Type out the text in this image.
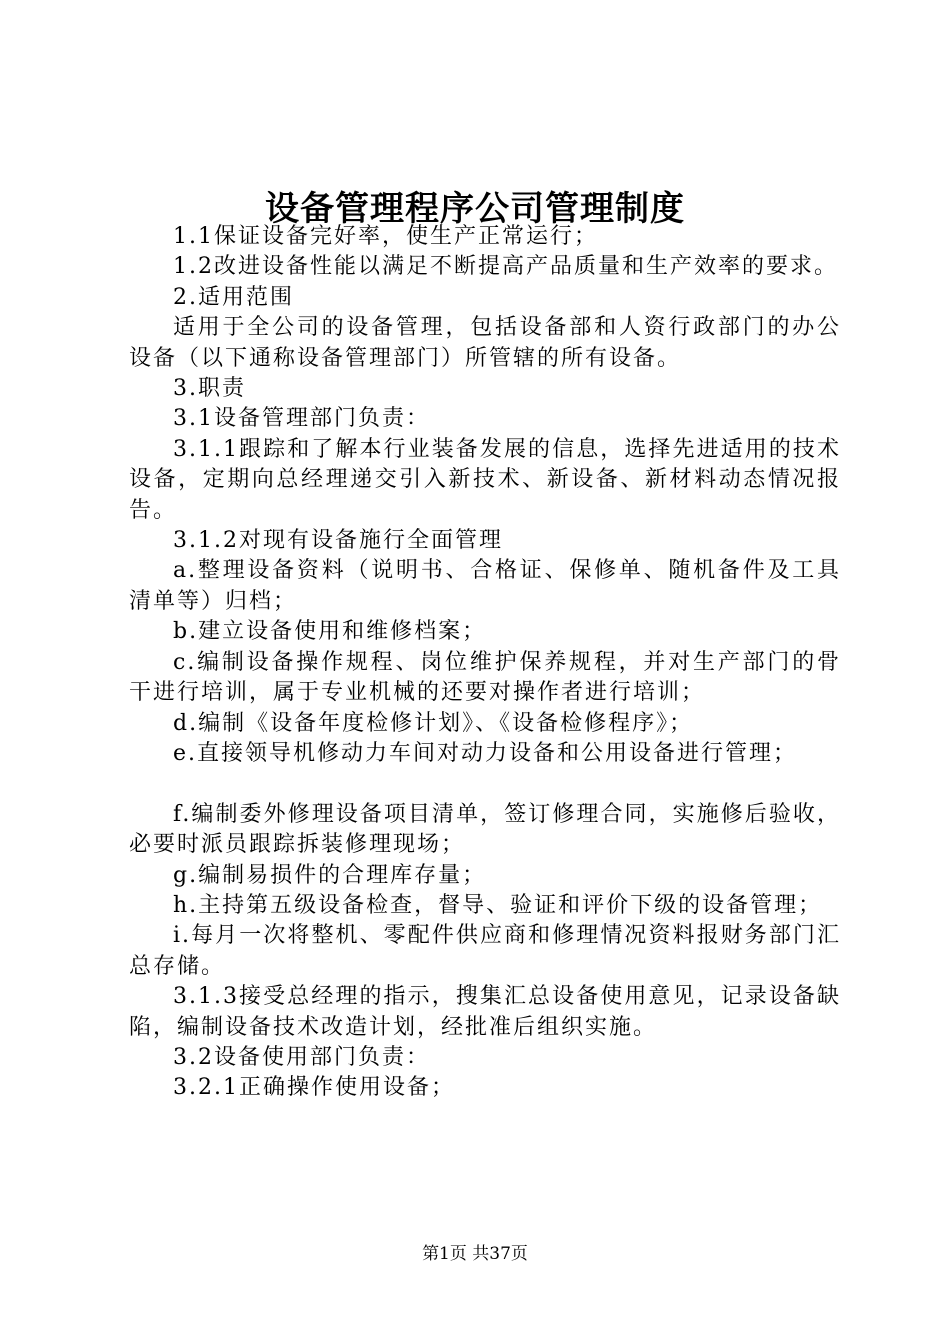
设备管理程序公司管理制度

1.1保证设备完好率，使生产正常运行；

1.2改进设备性能以满足不断提高产品质量和生产效率的要求。

2.适用范围

适用于全公司的设备管理，包括设备部和人资行政部门的办公设备（以下通称设备管理部门）所管辖的所有设备。

3.职责

3.1设备管理部门负责：

3.1.1跟踪和了解本行业装备发展的信息，选择先进适用的技术设备，定期向总经理递交引入新技术、新设备、新材料动态情况报告。

3.1.2对现有设备施行全面管理

a.整理设备资料（说明书、合格证、保修单、随机备件及工具清单等）归档；

b.建立设备使用和维修档案；

c.编制设备操作规程、岗位维护保养规程，并对生产部门的骨干进行培训，属于专业机械的还要对操作者进行培训；

d.编制《设备年度检修计划》、《设备检修程序》；

e.直接领导机修动力车间对动力设备和公用设备进行管理；

f.编制委外修理设备项目清单，签订修理合同，实施修后验收，必要时派员跟踪拆装修理现场；

g.编制易损件的合理库存量；

h.主持第五级设备检查，督导、验证和评价下级的设备管理；

i.每月一次将整机、零配件供应商和修理情况资料报财务部门汇总存储。

3.1.3接受总经理的指示，搜集汇总设备使用意见，记录设备缺陷，编制设备技术改造计划，经批准后组织实施。

3.2设备使用部门负责：

3.2.1正确操作使用设备；

第1页 共37页
